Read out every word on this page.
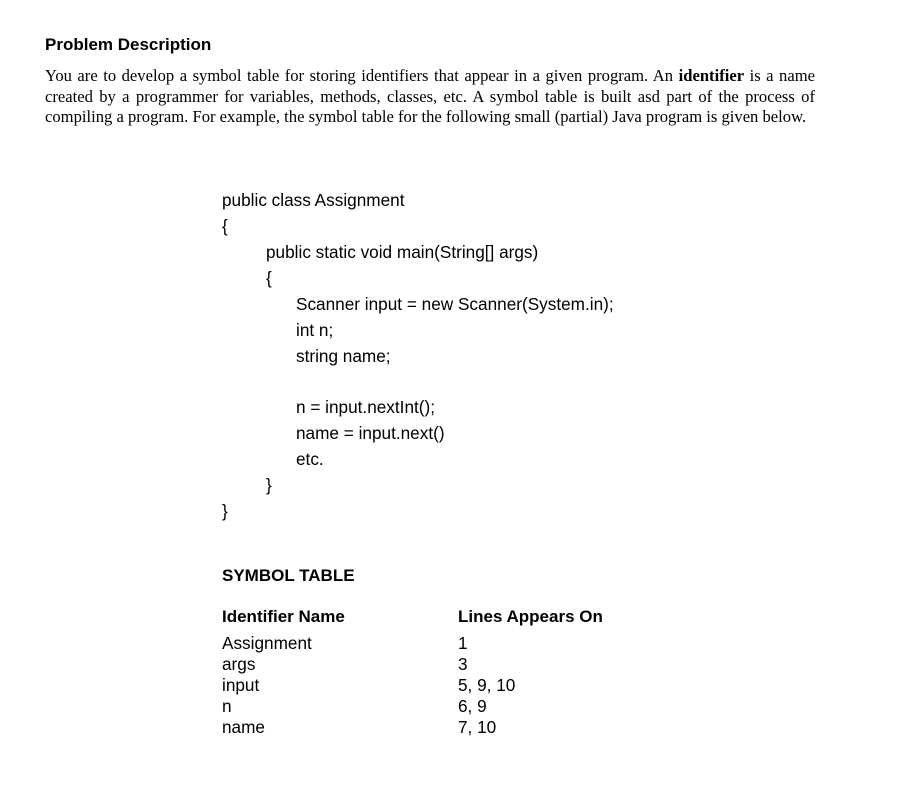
Problem Description

You are to develop a symbol table for storing identifiers that appear in a given program. An identifier is a name created by a programmer for variables, methods, classes, etc. A symbol table is built asd part of the process of compiling a program. For example, the symbol table for the following small (partial) Java program is given below.

public class Assignment
{
public static void main(String[] args)
{
Scanner input = new Scanner(System.in);
int n;
string name;
n = input.nextInt();
name = input.next()
etc.
}
}
SYMBOL TABLE
Identifier Name	Lines Appears On
Assignment	1
args	3
input	5, 9, 10
n	6, 9
name	7, 10
